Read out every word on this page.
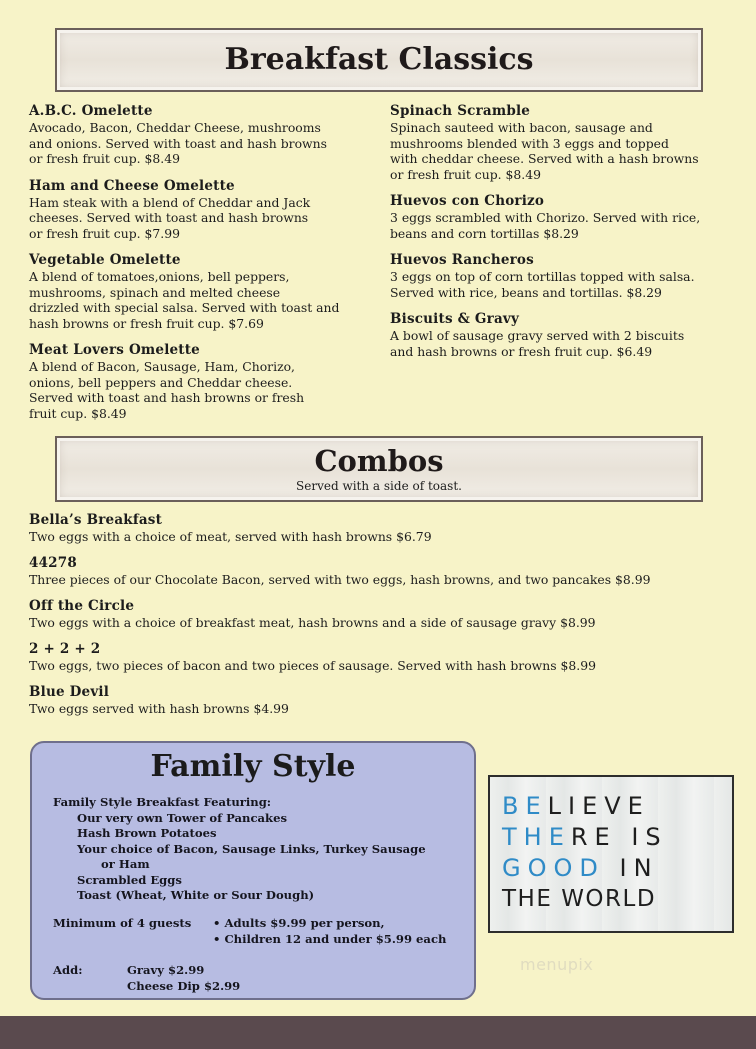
Breakfast Classics
A.B.C. Omelette
Avocado, Bacon, Cheddar Cheese, mushrooms
and onions. Served with toast and hash browns
or fresh fruit cup. $8.49
Ham and Cheese Omelette
Ham steak with a blend of Cheddar and Jack
cheeses. Served with toast and hash browns
or fresh fruit cup. $7.99
Vegetable Omelette
A blend of tomatoes,onions, bell peppers,
mushrooms, spinach and melted cheese
drizzled with special salsa. Served with toast and
hash browns or fresh fruit cup. $7.69
Meat Lovers Omelette
A blend of Bacon, Sausage, Ham, Chorizo,
onions, bell peppers and Cheddar cheese.
Served with toast and hash browns or fresh
fruit cup. $8.49
Spinach Scramble
Spinach sauteed with bacon, sausage and
mushrooms blended with 3 eggs and topped
with cheddar cheese. Served with a hash browns
or fresh fruit cup. $8.49
Huevos con Chorizo
3 eggs scrambled with Chorizo. Served with rice,
beans and corn tortillas $8.29
Huevos Rancheros
3 eggs on top of corn tortillas topped with salsa.
Served with rice, beans and tortillas. $8.29
Biscuits & Gravy
A bowl of sausage gravy served with 2 biscuits
and hash browns or fresh fruit cup. $6.49
Combos
Served with a side of toast.
Bella’s Breakfast
Two eggs with a choice of meat, served with hash browns $6.79
44278
Three pieces of our Chocolate Bacon, served with two eggs, hash browns, and two pancakes $8.99
Off the Circle
Two eggs with a choice of breakfast meat, hash browns and a side of sausage gravy $8.99
2 + 2 + 2
Two eggs, two pieces of bacon and two pieces of sausage. Served with hash browns $8.99
Blue Devil
Two eggs served with hash browns $4.99
Family Style
Family Style Breakfast Featuring:
Our very own Tower of Pancakes
Hash Brown Potatoes
Your choice of Bacon, Sausage Links, Turkey Sausage
or Ham
Scrambled Eggs
Toast (Wheat, White or Sour Dough)
Minimum of 4 guests	• Adults $9.99 per person,
• Children 12 and under $5.99 each
Add:	Gravy $2.99
Cheese Dip $2.99
BELIEVE
THERE IS
GOOD IN
THE WORLD
menupix
